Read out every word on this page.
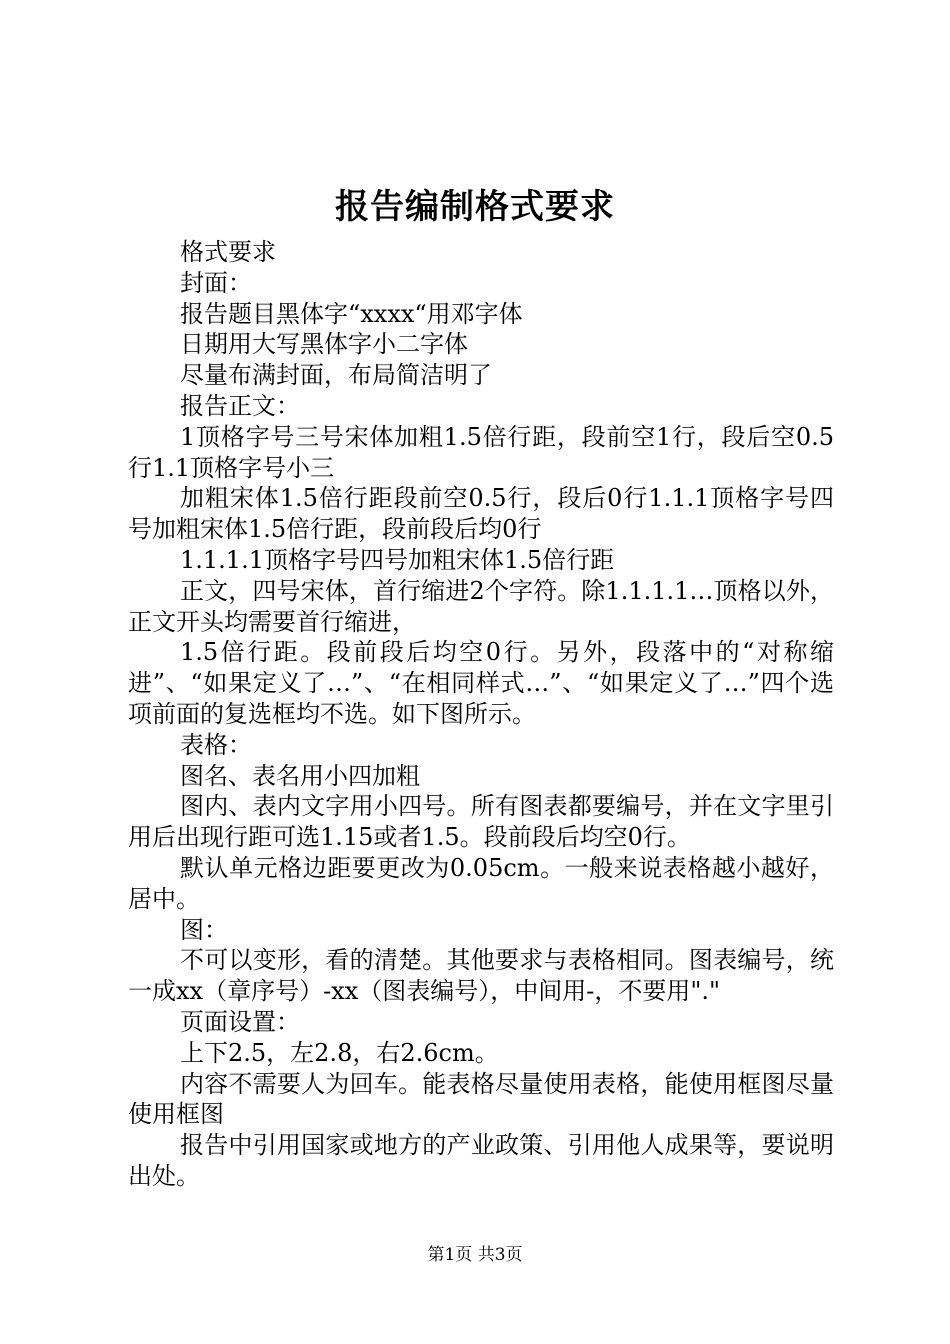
报告编制格式要求

格式要求

封面：

报告题目黑体字“xxxx“用邓字体

日期用大写黑体字小二字体

尽量布满封面，布局简洁明了

报告正文：

1顶格字号三号宋体加粗1.5倍行距，段前空1行，段后空0.5行1.1顶格字号小三

加粗宋体1.5倍行距段前空0.5行，段后0行1.1.1顶格字号四号加粗宋体1.5倍行距，段前段后均0行

1.1.1.1顶格字号四号加粗宋体1.5倍行距

正文，四号宋体，首行缩进2个字符。除1.1.1.1…顶格以外，正文开头均需要首行缩进，

1.5倍行距。段前段后均空0行。另外，段落中的“对称缩进”、“如果定义了…”、“在相同样式…”、“如果定义了…”四个选项前面的复选框均不选。如下图所示。

表格：

图名、表名用小四加粗

图内、表内文字用小四号。所有图表都要编号，并在文字里引用后出现行距可选1.15或者1.5。段前段后均空0行。

默认单元格边距要更改为0.05cm。一般来说表格越小越好，居中。

图：

不可以变形，看的清楚。其他要求与表格相同。图表编号，统一成xx（章序号）-xx（图表编号），中间用-，不要用"."

页面设置：

上下2.5，左2.8，右2.6cm。

内容不需要人为回车。能表格尽量使用表格，能使用框图尽量使用框图

报告中引用国家或地方的产业政策、引用他人成果等，要说明出处。

第1页 共3页
